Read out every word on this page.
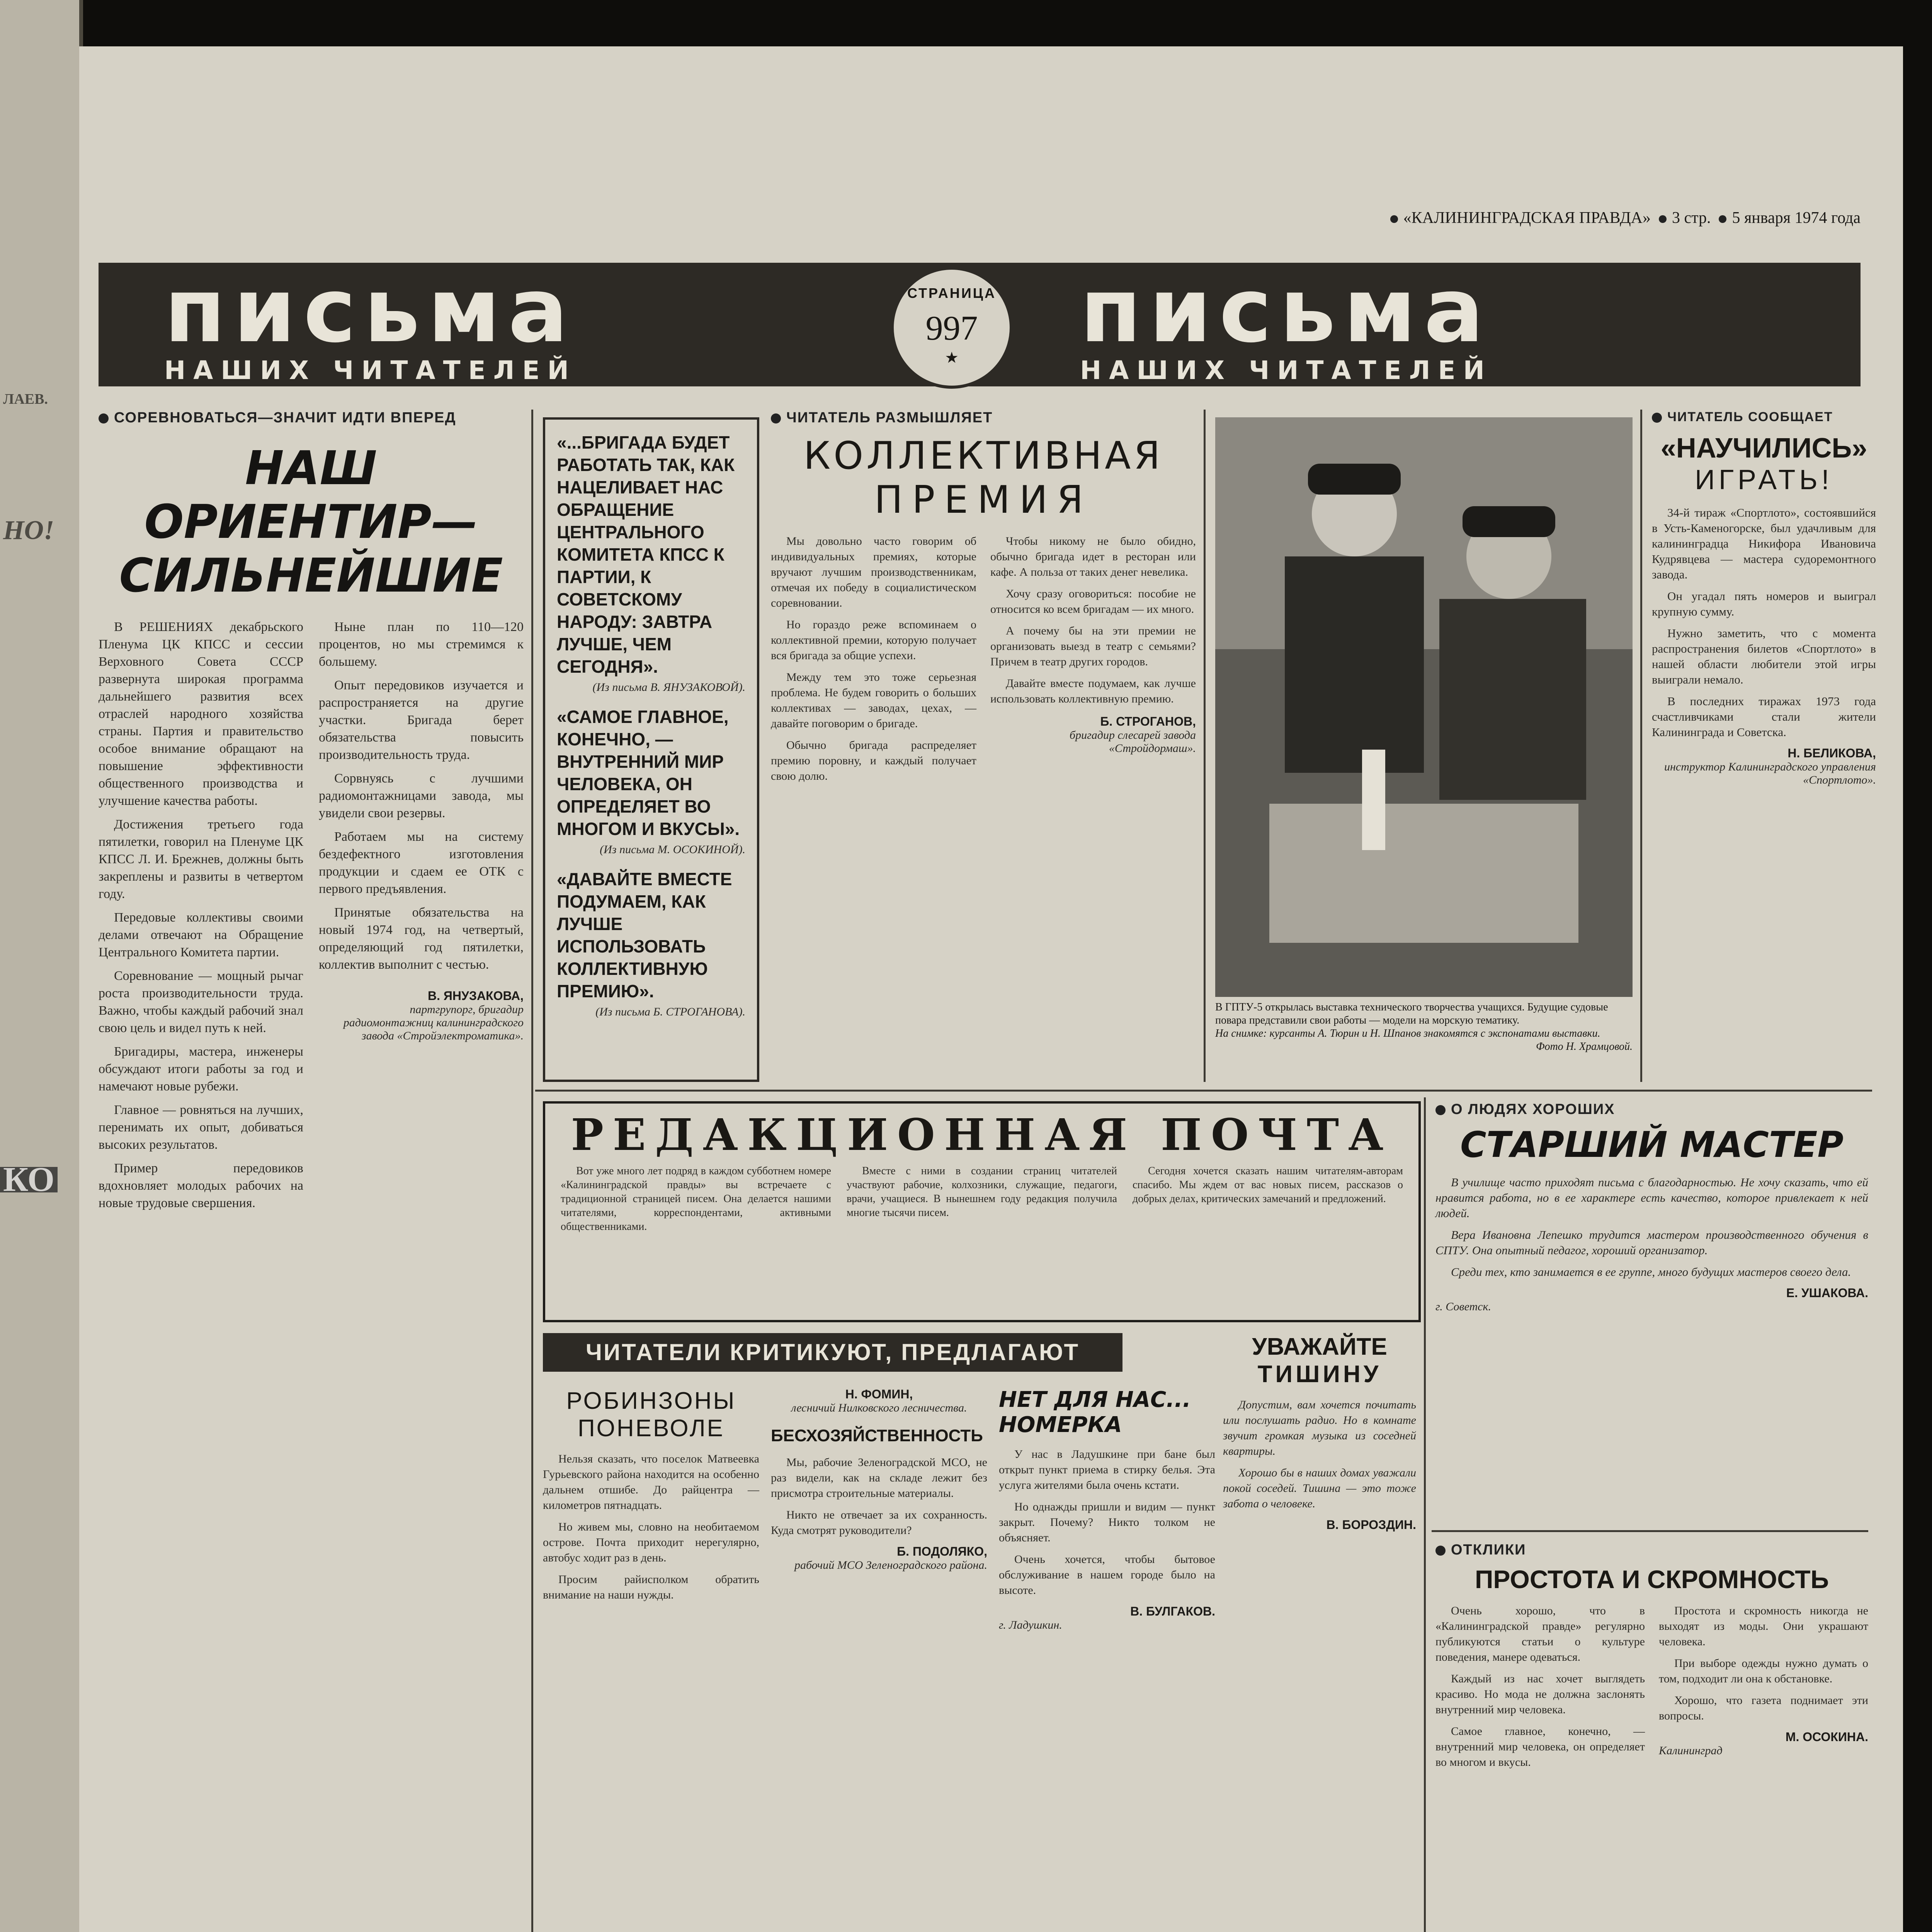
ЛАЕВ.
НО!
КО
«КАЛИНИНГРАДСКАЯ ПРАВДА» 3 стр. 5 января 1974 года
письма
НАШИХ ЧИТАТЕЛЕЙ
письма
НАШИХ ЧИТАТЕЛЕЙ
СТРАНИЦА
997
★
СОРЕВНОВАТЬСЯ—ЗНАЧИТ ИДТИ ВПЕРЕД
НАШ ОРИЕНТИР—
СИЛЬНЕЙШИЕ

В РЕШЕНИЯХ декабрьского Пленума ЦК КПСС и сессии Верховного Совета СССР развернута широкая программа дальнейшего развития всех отраслей народного хозяйства страны. Партия и правительство особое внимание обращают на повышение эффективности общественного производства и улучшение качества работы.

Достижения третьего года пятилетки, говорил на Пленуме ЦК КПСС Л. И. Брежнев, должны быть закреплены и развиты в четвертом году.

Передовые коллективы своими делами отвечают на Обращение Центрального Комитета партии.

Соревнование — мощный рычаг роста производительности труда. Важно, чтобы каждый рабочий знал свою цель и видел путь к ней.

Бригадиры, мастера, инженеры обсуждают итоги работы за год и намечают новые рубежи.

Главное — ровняться на лучших, перенимать их опыт, добиваться высоких результатов.

Пример передовиков вдохновляет молодых рабочих на новые трудовые свершения.

Ныне план по 110—120 процентов, но мы стремимся к большему.

Опыт передовиков изучается и распространяется на другие участки. Бригада берет обязательства повысить производительность труда.

Сорвнуясь с лучшими радиомонтажницами завода, мы увидели свои резервы.

Работаем мы на систему бездефектного изготовления продукции и сдаем ее ОТК с первого предъявления.

Принятые обязательства на новый 1974 год, на четвертый, определяющий год пятилетки, коллектив выполнит с честью.

В. ЯНУЗАКОВА,
партгрупорг, бригадир радиомонтажниц калининградского завода «Стройэлектроматика».
«...БРИГАДА БУДЕТ РАБОТАТЬ ТАК, КАК НАЦЕЛИВАЕТ НАС ОБРАЩЕНИЕ ЦЕНТРАЛЬНОГО КОМИТЕТА КПСС К ПАРТИИ, К СОВЕТСКОМУ НАРОДУ: ЗАВТРА ЛУЧШЕ, ЧЕМ СЕГОДНЯ».
(Из письма В. ЯНУЗАКОВОЙ).
«САМОЕ ГЛАВНОЕ, КОНЕЧНО, — ВНУТРЕННИЙ МИР ЧЕЛОВЕКА, ОН ОПРЕДЕЛЯЕТ ВО МНОГОМ И ВКУСЫ».
(Из письма М. ОСОКИНОЙ).
«ДАВАЙТЕ ВМЕСТЕ ПОДУМАЕМ, КАК ЛУЧШЕ ИСПОЛЬЗОВАТЬ КОЛЛЕКТИВНУЮ ПРЕМИЮ».
(Из письма Б. СТРОГАНОВА).
ЧИТАТЕЛЬ РАЗМЫШЛЯЕТ
КОЛЛЕКТИВНАЯ
ПРЕМИЯ

Мы довольно часто говорим об индивидуальных премиях, которые вручают лучшим производственникам, отмечая их победу в социалистическом соревновании.

Но гораздо реже вспоминаем о коллективной премии, которую получает вся бригада за общие успехи.

Между тем это тоже серьезная проблема. Не будем говорить о больших коллективах — заводах, цехах, — давайте поговорим о бригаде.

Обычно бригада распределяет премию поровну, и каждый получает свою долю.

Чтобы никому не было обидно, обычно бригада идет в ресторан или кафе. А польза от таких денег невелика.

Хочу сразу оговориться: пособие не относится ко всем бригадам — их много.

А почему бы на эти премии не организовать выезд в театр с семьями? Причем в театр других городов.

Давайте вместе подумаем, как лучше использовать коллективную премию.

Б. СТРОГАНОВ,
бригадир слесарей завода «Стройдормаш».
В ГПТУ-5 открылась выставка технического творчества учащихся. Будущие судовые повара представили свои работы — модели на морскую тематику.
На снимке: курсанты А. Тюрин и Н. Шпанов знакомятся с экспонатами выставки.
Фото Н. Храмцовой.
ЧИТАТЕЛЬ СООБЩАЕТ
«НАУЧИЛИСЬ»
ИГРАТЬ!

34-й тираж «Спортлото», состоявшийся в Усть-Каменогорске, был удачливым для калининградца Никифора Ивановича Кудрявцева — мастера судоремонтного завода.

Он угадал пять номеров и выиграл крупную сумму.

Нужно заметить, что с момента распространения билетов «Спортлото» в нашей области любители этой игры выиграли немало.

В последних тиражах 1973 года счастливчиками стали жители Калининграда и Советска.

Н. БЕЛИКОВА,
инструктор Калининградского управления «Спортлото».
РЕДАКЦИОННАЯ ПОЧТА

Вот уже много лет подряд в каждом субботнем номере «Калининградской правды» вы встречаете с традиционной страницей писем. Она делается нашими читателями, корреспондентами, активными общественниками.

Вместе с ними в создании страниц читателей участвуют рабочие, колхозники, служащие, педагоги, врачи, учащиеся. В нынешнем году редакция получила многие тысячи писем.

Сегодня хочется сказать нашим читателям-авторам спасибо. Мы ждем от вас новых писем, рассказов о добрых делах, критических замечаний и предложений.

О ЛЮДЯХ ХОРОШИХ
СТАРШИЙ МАСТЕР

В училище часто приходят письма с благодарностью. Не хочу сказать, что ей нравится работа, но в ее характере есть качество, которое привлекает к ней людей.

Вера Ивановна Лепешко трудится мастером производственного обучения в СПТУ. Она опытный педагог, хороший организатор.

Среди тех, кто занимается в ее группе, много будущих мастеров своего дела.

Е. УШАКОВА.
г. Советск.
ЧИТАТЕЛИ КРИТИКУЮТ, ПРЕДЛАГАЮТ
РОБИНЗОНЫ
ПОНЕВОЛЕ

Нельзя сказать, что поселок Матвеевка Гурьевского района находится на особенно дальнем отшибе. До райцентра — километров пятнадцать.

Но живем мы, словно на необитаемом острове. Почта приходит нерегулярно, автобус ходит раз в день.

Просим райисполком обратить внимание на наши нужды.

Н. ФОМИН,
лесничий Нилковского лесничества.
БЕСХОЗЯЙСТВЕННОСТЬ

Мы, рабочие Зеленоградской МСО, не раз видели, как на складе лежит без присмотра строительные материалы.

Никто не отвечает за их сохранность. Куда смотрят руководители?

Б. ПОДОЛЯКО,
рабочий МСО Зеленоградского района.
НЕТ ДЛЯ НАС...
НОМЕРКА

У нас в Ладушкине при бане был открыт пункт приема в стирку белья. Эта услуга жителями была очень кстати.

Но однажды пришли и видим — пункт закрыт. Почему? Никто толком не объясняет.

Очень хочется, чтобы бытовое обслуживание в нашем городе было на высоте.

В. БУЛГАКОВ.
г. Ладушкин.
УВАЖАЙТЕ
ТИШИНУ

Допустим, вам хочется почитать или послушать радио. Но в комнате звучит громкая музыка из соседней квартиры.

Хорошо бы в наших домах уважали покой соседей. Тишина — это тоже забота о человеке.

В. БОРОЗДИН.
ОТКЛИКИ
ПРОСТОТА И СКРОМНОСТЬ

Очень хорошо, что в «Калининградской правде» регулярно публикуются статьи о культуре поведения, манере одеваться.

Каждый из нас хочет выглядеть красиво. Но мода не должна заслонять внутренний мир человека.

Самое главное, конечно, — внутренний мир человека, он определяет во многом и вкусы.

Простота и скромность никогда не выходят из моды. Они украшают человека.

При выборе одежды нужно думать о том, подходит ли она к обстановке.

Хорошо, что газета поднимает эти вопросы.

М. ОСОКИНА.
Калининград
